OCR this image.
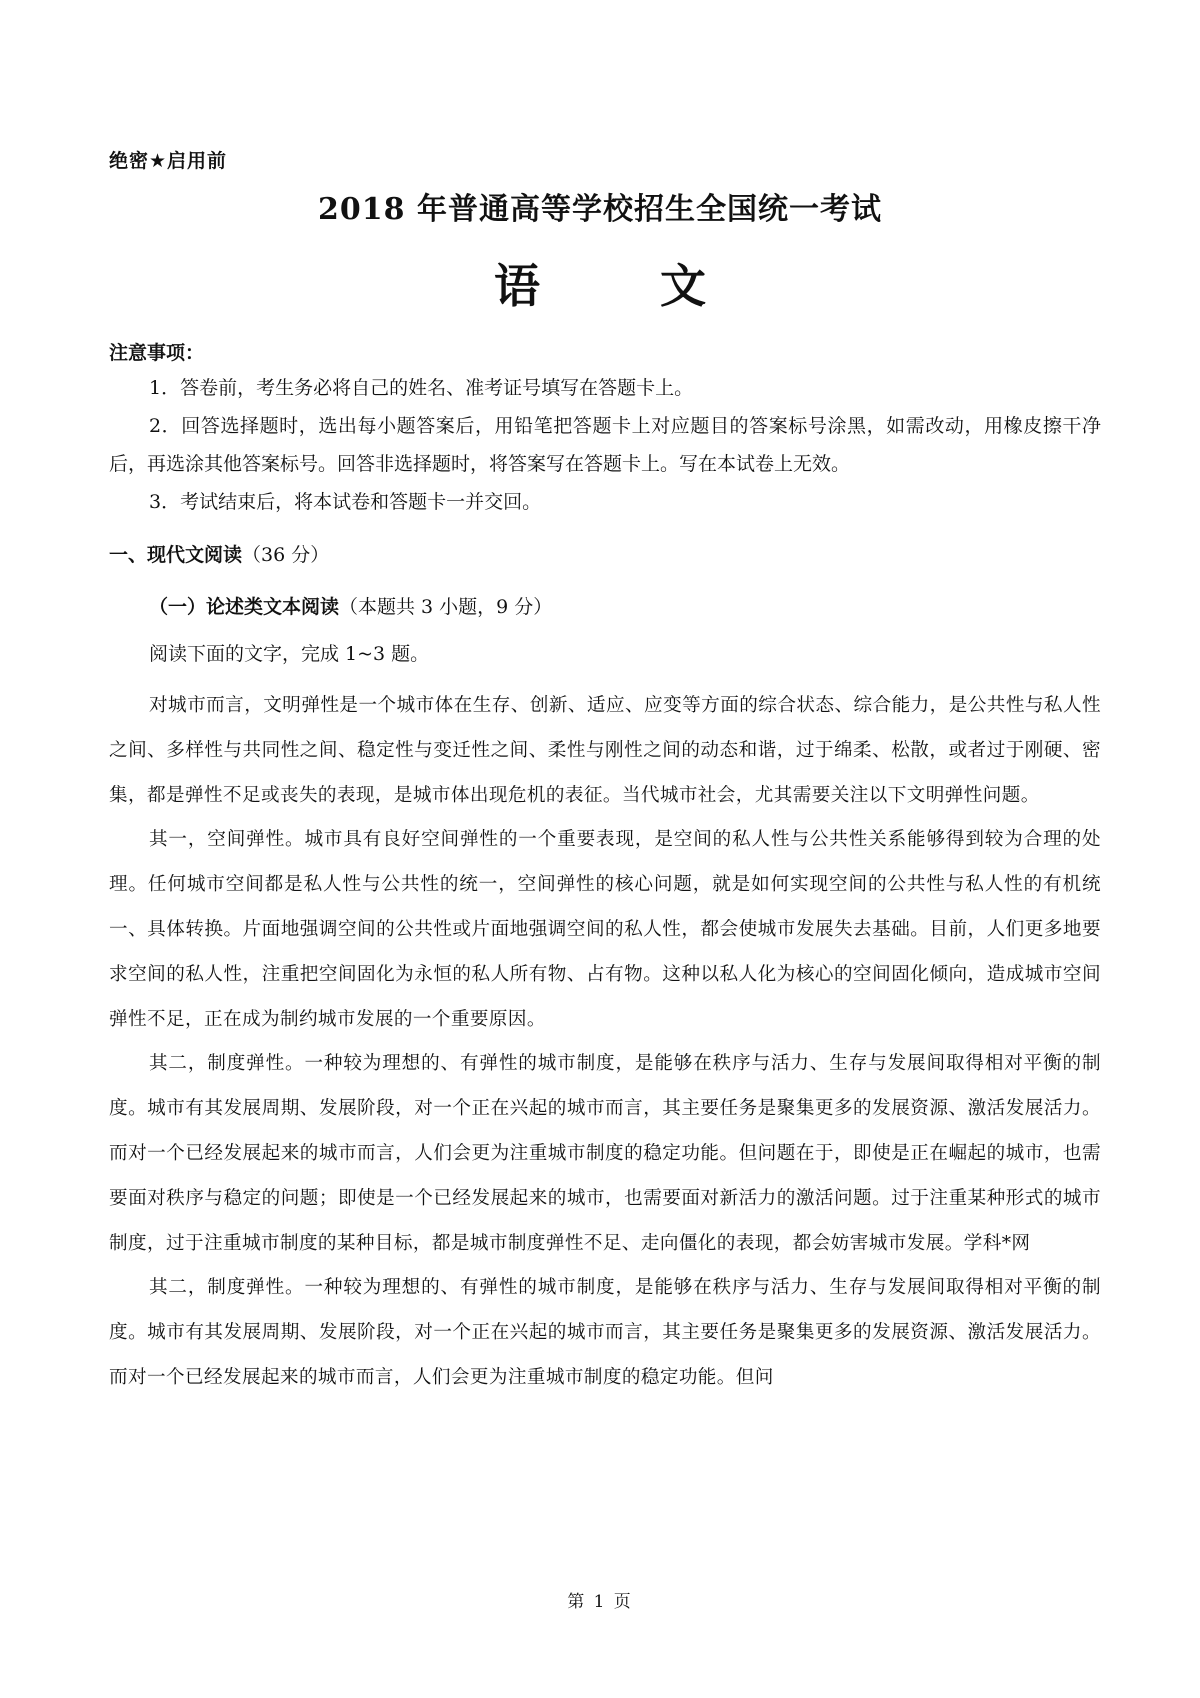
绝密★启用前
2018 年普通高等学校招生全国统一考试
语 文
注意事项：

1．答卷前，考生务必将自己的姓名、准考证号填写在答题卡上。

2．回答选择题时，选出每小题答案后，用铅笔把答题卡上对应题目的答案标号涂黑，如需改动，用橡皮擦干净后，再选涂其他答案标号。回答非选择题时，将答案写在答题卡上。写在本试卷上无效。

3．考试结束后，将本试卷和答题卡一并交回。

一、现代文阅读（36 分）
（一）论述类文本阅读（本题共 3 小题，9 分）
阅读下面的文字，完成 1~3 题。

对城市而言，文明弹性是一个城市体在生存、创新、适应、应变等方面的综合状态、综合能力，是公共性与私人性之间、多样性与共同性之间、稳定性与变迁性之间、柔性与刚性之间的动态和谐，过于绵柔、松散，或者过于刚硬、密集，都是弹性不足或丧失的表现，是城市体出现危机的表征。当代城市社会，尤其需要关注以下文明弹性问题。

其一，空间弹性。城市具有良好空间弹性的一个重要表现，是空间的私人性与公共性关系能够得到较为合理的处理。任何城市空间都是私人性与公共性的统一，空间弹性的核心问题，就是如何实现空间的公共性与私人性的有机统一、具体转换。片面地强调空间的公共性或片面地强调空间的私人性，都会使城市发展失去基础。目前，人们更多地要求空间的私人性，注重把空间固化为永恒的私人所有物、占有物。这种以私人化为核心的空间固化倾向，造成城市空间弹性不足，正在成为制约城市发展的一个重要原因。

其二，制度弹性。一种较为理想的、有弹性的城市制度，是能够在秩序与活力、生存与发展间取得相对平衡的制度。城市有其发展周期、发展阶段，对一个正在兴起的城市而言，其主要任务是聚集更多的发展资源、激活发展活力。而对一个已经发展起来的城市而言，人们会更为注重城市制度的稳定功能。但问题在于，即使是正在崛起的城市，也需要面对秩序与稳定的问题；即使是一个已经发展起来的城市，也需要面对新活力的激活问题。过于注重某种形式的城市制度，过于注重城市制度的某种目标，都是城市制度弹性不足、走向僵化的表现，都会妨害城市发展。学科*网

其二，制度弹性。一种较为理想的、有弹性的城市制度，是能够在秩序与活力、生存与发展间取得相对平衡的制度。城市有其发展周期、发展阶段，对一个正在兴起的城市而言，其主要任务是聚集更多的发展资源、激活发展活力。而对一个已经发展起来的城市而言，人们会更为注重城市制度的稳定功能。但问

第 1 页
